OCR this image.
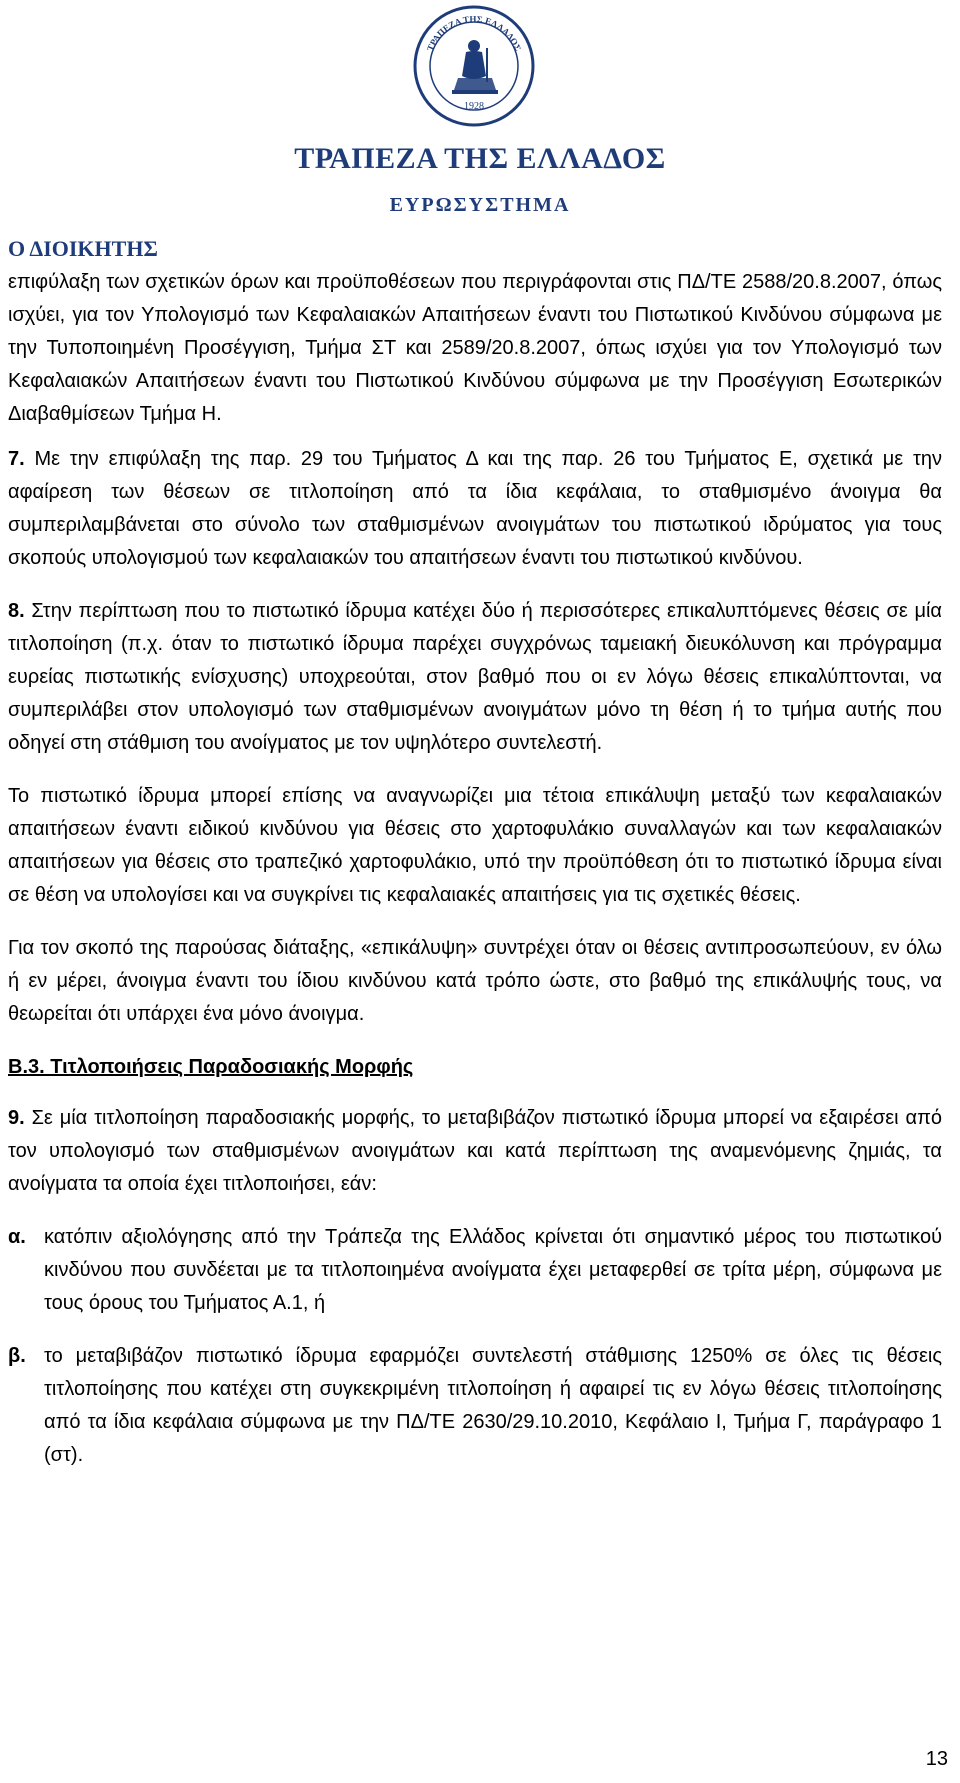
ΤΡΑΠΕΖΑ ΤΗΣ ΕΛΛΑΔΟΣ
1928
ΤΡΑΠΕΖΑ ΤΗΣ ΕΛΛΑΔΟΣ
ΕΥΡΩΣΥΣΤΗΜΑ
Ο ΔΙΟΙΚΗΤΗΣ

επιφύλαξη των σχετικών όρων και προϋποθέσεων που περιγράφονται στις ΠΔ/ΤΕ 2588/20.8.2007, όπως ισχύει, για τον Υπολογισμό των Κεφαλαιακών Απαιτήσεων έναντι του Πιστωτικού Κινδύνου σύμφωνα με την Τυποποιημένη Προσέγγιση, Τμήμα ΣΤ και 2589/20.8.2007, όπως ισχύει για τον Υπολογισμό των Κεφαλαιακών Απαιτήσεων έναντι του Πιστωτικού Κινδύνου σύμφωνα με την Προσέγγιση Εσωτερικών Διαβαθμίσεων Τμήμα Η.

7. Με την επιφύλαξη της παρ. 29 του Τμήματος Δ και της παρ. 26 του Τμήματος Ε, σχετικά με την αφαίρεση των θέσεων σε τιτλοποίηση από τα ίδια κεφάλαια, το σταθμισμένο άνοιγμα θα συμπεριλαμβάνεται στο σύνολο των σταθμισμένων ανοιγμάτων του πιστωτικού ιδρύματος για τους σκοπούς υπολογισμού των κεφαλαιακών του απαιτήσεων έναντι του πιστωτικού κινδύνου.

8. Στην περίπτωση που το πιστωτικό ίδρυμα κατέχει δύο ή περισσότερες επικαλυπτόμενες θέσεις σε μία τιτλοποίηση (π.χ. όταν το πιστωτικό ίδρυμα παρέχει συγχρόνως ταμειακή διευκόλυνση και πρόγραμμα ευρείας πιστωτικής ενίσχυσης) υποχρεούται, στον βαθμό που οι εν λόγω θέσεις επικαλύπτονται, να συμπεριλάβει στον υπολογισμό των σταθμισμένων ανοιγμάτων μόνο τη θέση ή το τμήμα αυτής που οδηγεί στη στάθμιση του ανοίγματος με τον υψηλότερο συντελεστή.

Το πιστωτικό ίδρυμα μπορεί επίσης να αναγνωρίζει μια τέτοια επικάλυψη μεταξύ των κεφαλαιακών απαιτήσεων έναντι ειδικού κινδύνου για θέσεις στο χαρτοφυλάκιο συναλλαγών και των κεφαλαιακών απαιτήσεων για θέσεις στο τραπεζικό χαρτοφυλάκιο, υπό την προϋπόθεση ότι το πιστωτικό ίδρυμα είναι σε θέση να υπολογίσει και να συγκρίνει τις κεφαλαιακές απαιτήσεις για τις σχετικές θέσεις.

Για τον σκοπό της παρούσας διάταξης, «επικάλυψη» συντρέχει όταν οι θέσεις αντιπροσωπεύουν, εν όλω ή εν μέρει, άνοιγμα έναντι του ίδιου κινδύνου κατά τρόπο ώστε, στο βαθμό της επικάλυψής τους, να θεωρείται ότι υπάρχει ένα μόνο άνοιγμα.

Β.3. Τιτλοποιήσεις Παραδοσιακής Μορφής

9. Σε μία τιτλοποίηση παραδοσιακής μορφής, το μεταβιβάζον πιστωτικό ίδρυμα μπορεί να εξαιρέσει από τον υπολογισμό των σταθμισμένων ανοιγμάτων και κατά περίπτωση της αναμενόμενης ζημιάς, τα ανοίγματα τα οποία έχει τιτλοποιήσει, εάν:

α. κατόπιν αξιολόγησης από την Τράπεζα της Ελλάδος κρίνεται ότι σημαντικό μέρος του πιστωτικού κινδύνου που συνδέεται με τα τιτλοποιημένα ανοίγματα έχει μεταφερθεί σε τρίτα μέρη, σύμφωνα με τους όρους του Τμήματος Α.1, ή
β. το μεταβιβάζον πιστωτικό ίδρυμα εφαρμόζει συντελεστή στάθμισης 1250% σε όλες τις θέσεις τιτλοποίησης που κατέχει στη συγκεκριμένη τιτλοποίηση ή αφαιρεί τις εν λόγω θέσεις τιτλοποίησης από τα ίδια κεφάλαια σύμφωνα με την ΠΔ/ΤΕ 2630/29.10.2010, Κεφάλαιο Ι, Τμήμα Γ, παράγραφο 1 (στ).
13
